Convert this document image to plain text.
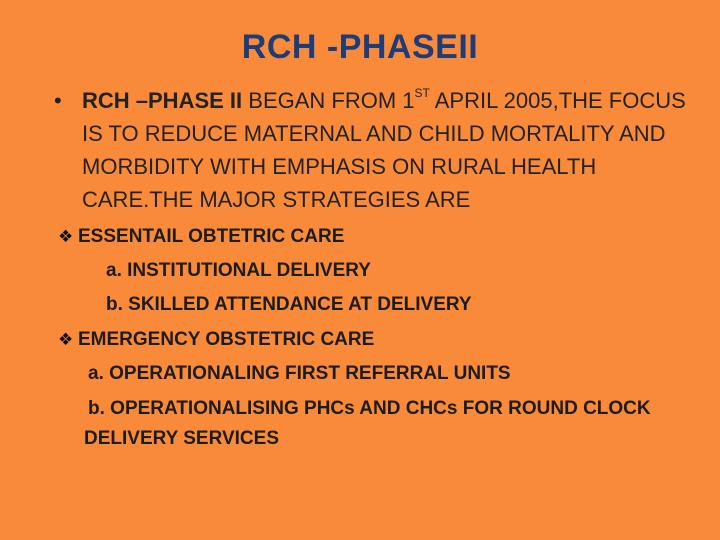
RCH -PHASEII
• RCH –PHASE II BEGAN FROM 1ST APRIL 2005,THE FOCUS IS TO REDUCE MATERNAL AND CHILD MORTALITY AND MORBIDITY WITH EMPHASIS ON RURAL HEALTH CARE.THE MAJOR STRATEGIES ARE
❖ ESSENTAIL OBTETRIC CARE
a. INSTITUTIONAL DELIVERY
b. SKILLED ATTENDANCE AT DELIVERY
❖ EMERGENCY OBSTETRIC CARE
a. OPERATIONALING FIRST REFERRAL UNITS
b. OPERATIONALISING PHCs AND CHCs FOR ROUND CLOCK
DELIVERY SERVICES
